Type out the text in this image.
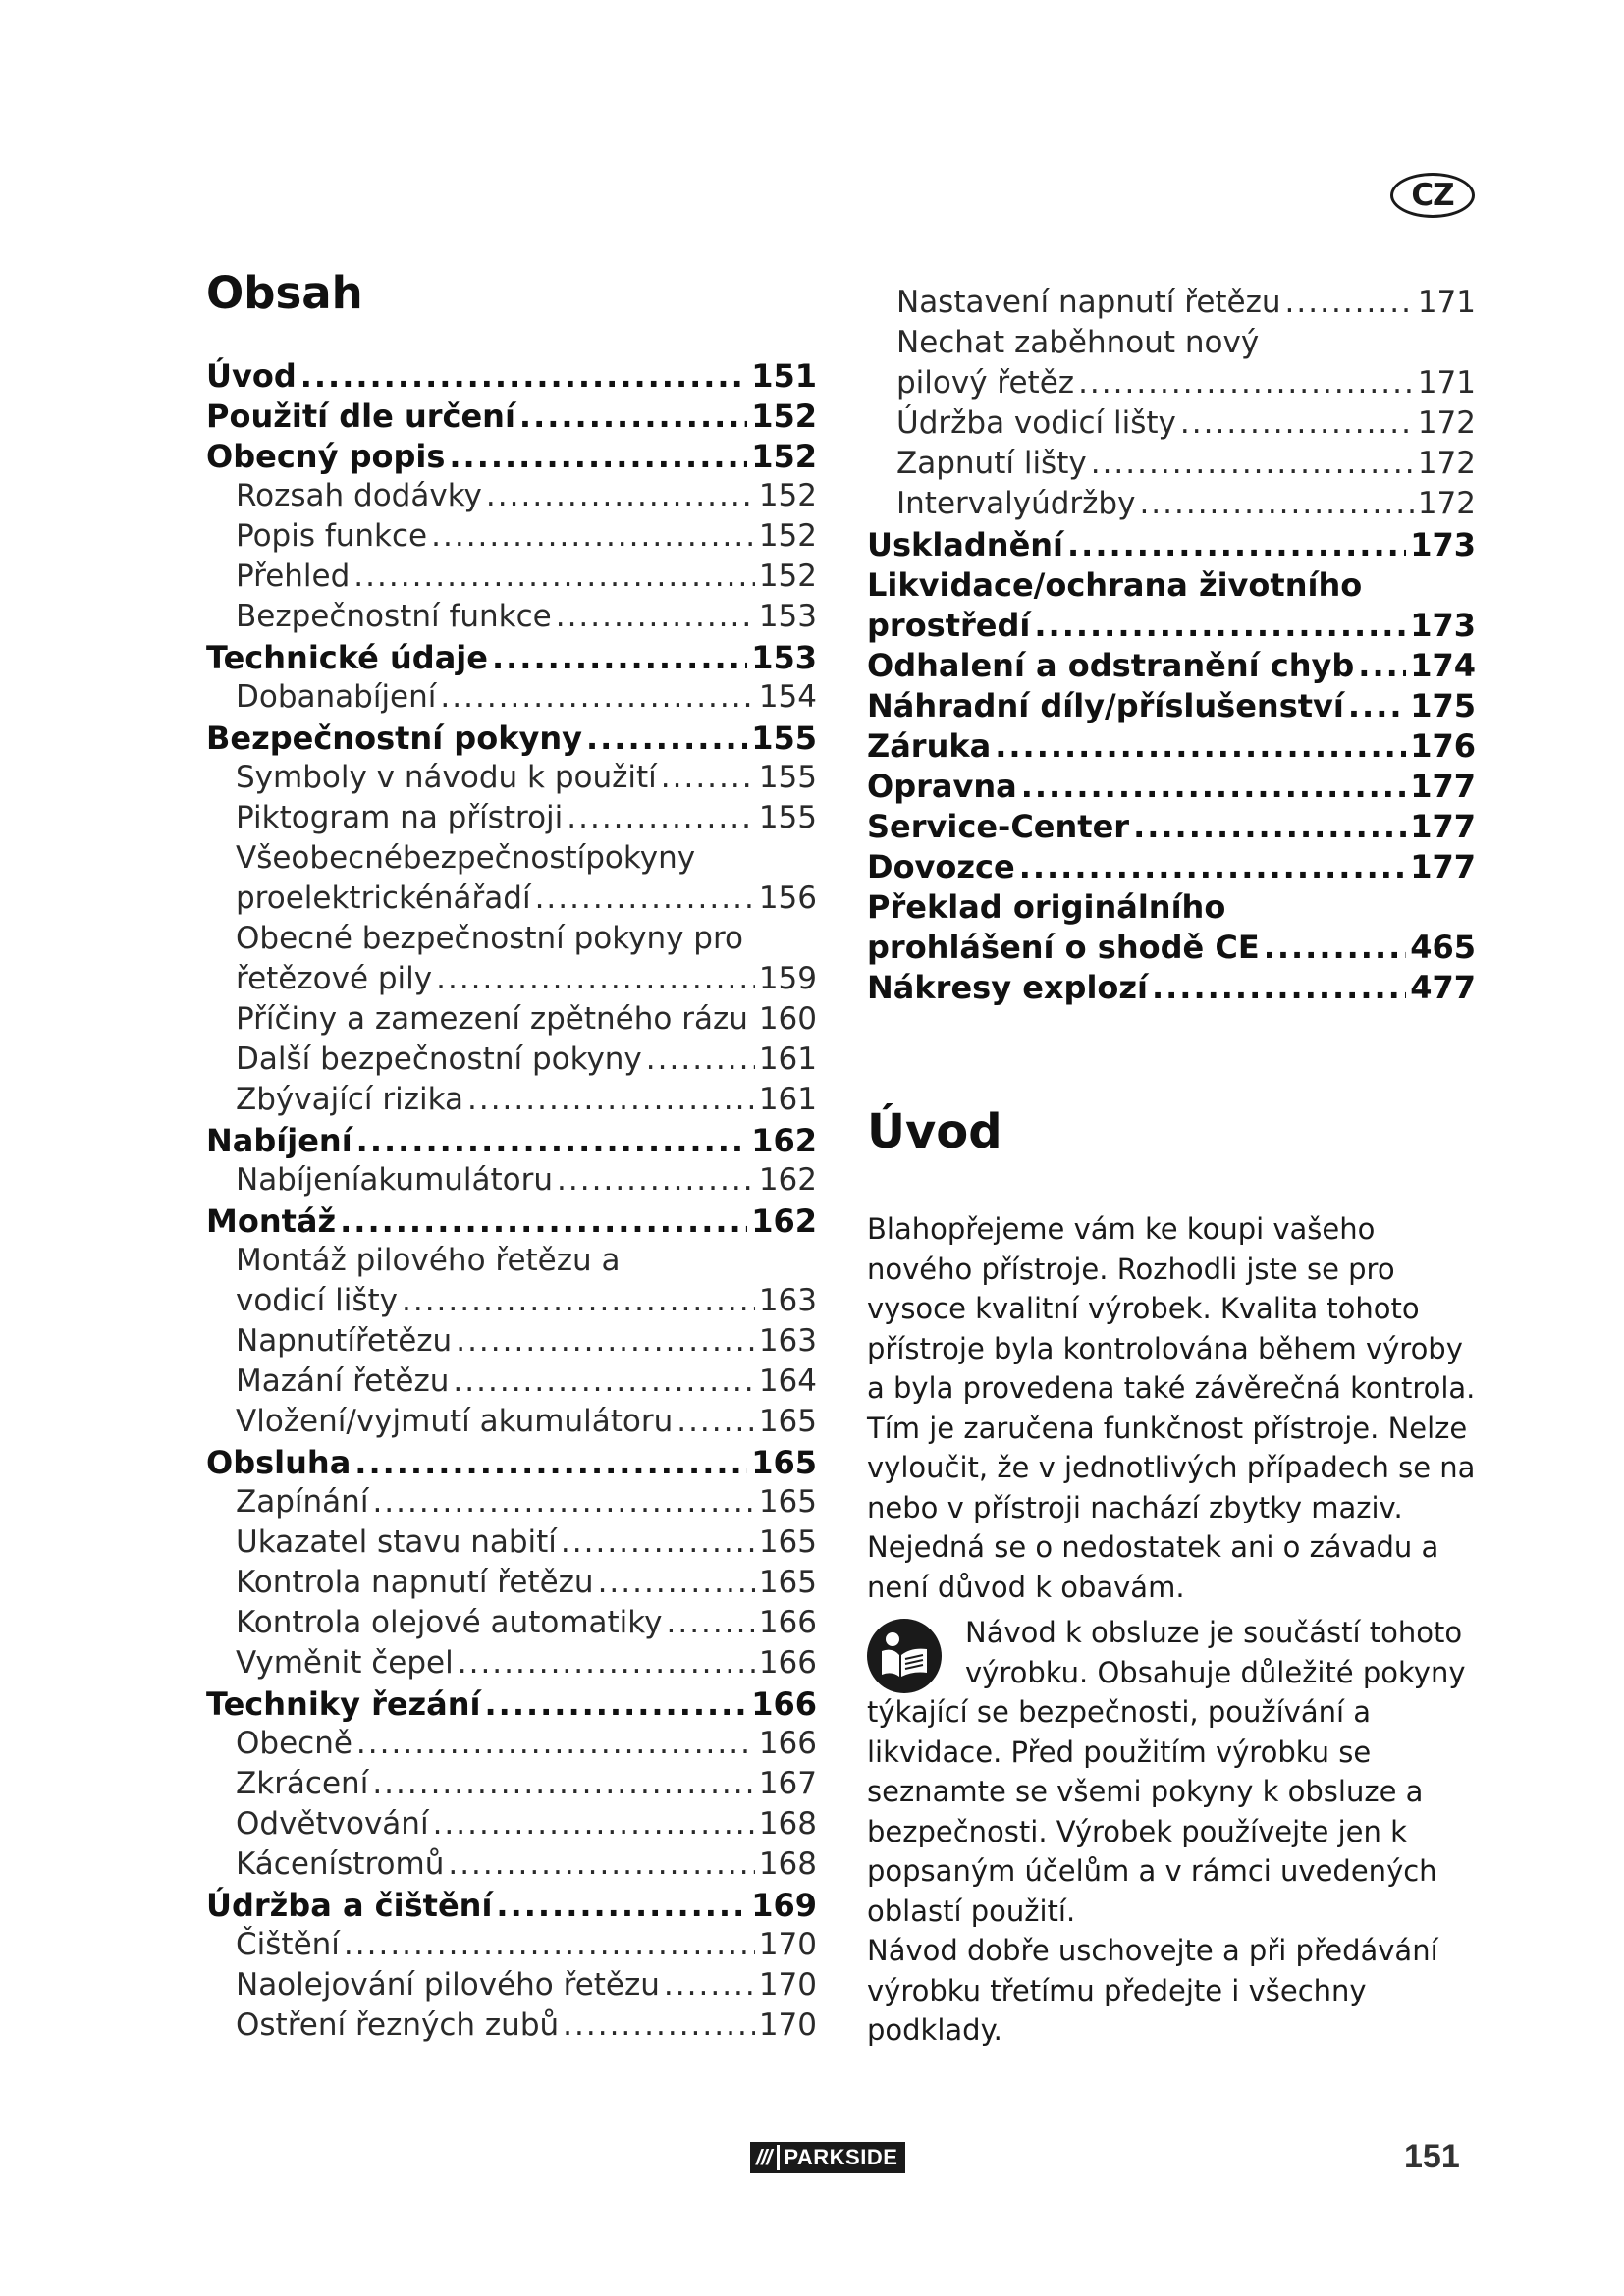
CZ
Obsah
Úvod .....	151
Použití dle určení .....	152
Obecný popis .....	152
Rozsah dodávky .....	152
Popis funkce .....	152
Přehled .....	152
Bezpečnostní funkce .....	153
Technické údaje .....	153
Dobanabíjení .....	154
Bezpečnostní pokyny .....	155
Symboly v návodu k použití .....	155
Piktogram na přístroji .....	155
Všeobecnébezpečnostípokyny
proelektrickénářadí .....	156
Obecné bezpečnostní pokyny pro
řetězové pily .....	159
Příčiny a zamezení zpětného rázu ..... 160
Další bezpečnostní pokyny .....	161
Zbývající rizika .....	161
Nabíjení .....	162
Nabíjeníakumulátoru .....	162
Montáž .....	162
Montáž pilového řetězu a
vodicí lišty .....	163
Napnutířetězu .....	163
Mazání řetězu .....	164
Vložení/vyjmutí akumulátoru .....	165
Obsluha .....	165
Zapínání .....	165
Ukazatel stavu nabití .....	165
Kontrola napnutí řetězu .....	165
Kontrola olejové automatiky .....	166
Vyměnit čepel .....	166
Techniky řezání .....	166
Obecně .....	166
Zkrácení .....	167
Odvětvování .....	168
Kácenístromů .....	168
Údržba a čištění .....	169
Čištění .....	170
Naolejování pilového řetězu .....	170
Ostření řezných zubů .....	170
Nastavení napnutí řetězu .....	171
Nechat zaběhnout nový
pilový řetěz .....	171
Údržba vodicí lišty .....	172
Zapnutí lišty .....	172
Intervalyúdržby .....	172
Uskladnění .....	173
Likvidace/ochrana životního
prostředí .....	173
Odhalení a odstranění chyb ..... 174
Náhradní díly/příslušenství ..... 175
Záruka .....	176
Opravna .....	177
Service-Center .....	177
Dovozce .....	177
Překlad originálního
prohlášení o shodě CE .....	465
Nákresy explozí .....	477
Úvod

Blahopřejeme vám ke koupi vašeho nového přístroje. Rozhodli jste se pro vysoce kvalitní výrobek. Kvalita tohoto přístroje byla kontrolována během výroby a byla provedena také závěrečná kontrola. Tím je zaručena funkčnost přístroje. Nelze vyloučit, že v jednotlivých případech se na nebo v přístroji nachází zbytky maziv. Nejedná se o nedostatek ani o závadu a není důvod k obavám.

Návod k obsluze je součástí tohoto výrobku. Obsahuje důležité pokyny týkající se bezpečnosti, používání a likvidace. Před použitím výrobku se seznamte se všemi pokyny k obsluze a bezpečnosti. Výrobek používejte jen k popsaným účelům a v rámci uvedených oblastí použití.
Návod dobře uschovejte a při předávání výrobku třetímu předejte i všechny podklady.
/// PARKSIDE	151
